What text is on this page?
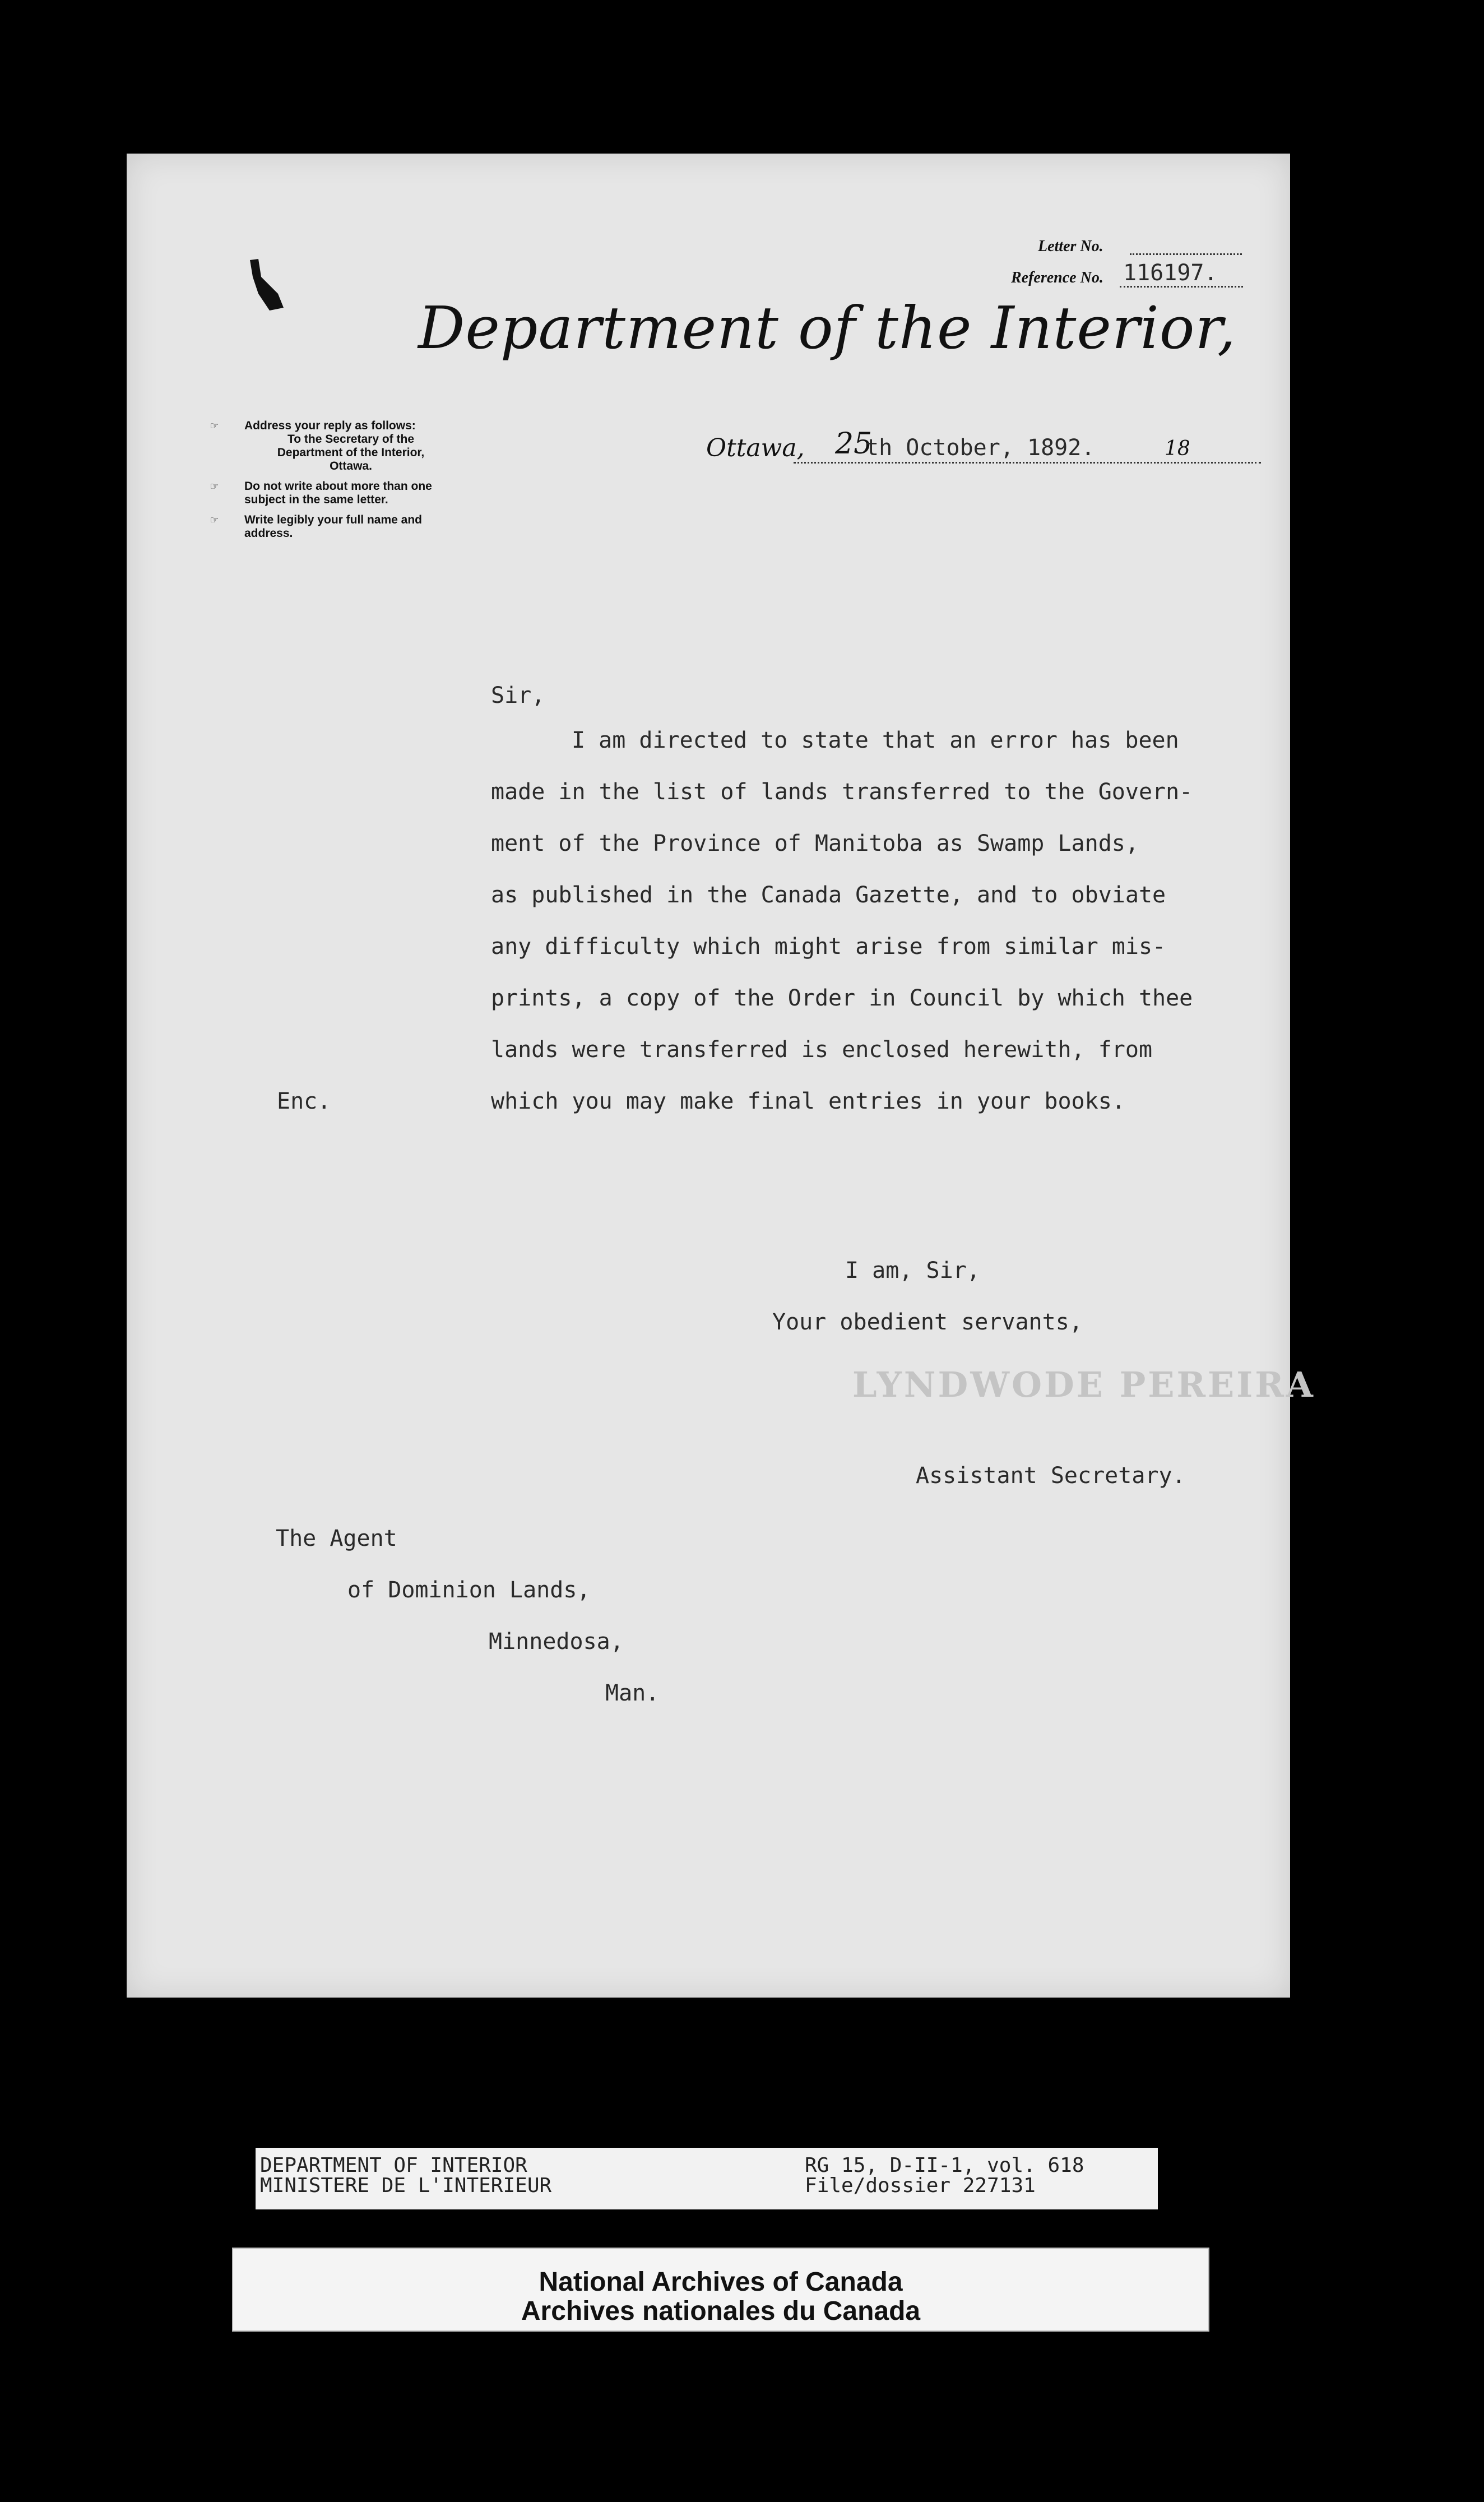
Letter No.
Reference No. 116197.
Department of the Interior,
☞ Address your reply as follows:
To the Secretary of the Department of the Interior, Ottawa.
☞ Do not write about more than one subject in the same letter.
☞ Write legibly your full name and address.
Ottawa, 25
th October, 1892.	18
Sir,
I am directed to state that an error has been
made in the list of lands transferred to the Govern-
ment of the Province of Manitoba as Swamp Lands,
as published in the Canada Gazette, and to obviate
any difficulty which might arise from similar mis-
prints, a copy of the Order in Council by which thee
lands were transferred is enclosed herewith, from
which you may make final entries in your books.
Enc.
I am, Sir,
Your obedient servants,
LYNDWODE PEREIRA
Assistant Secretary.
The Agent
of Dominion Lands,
Minnedosa,
Man.
DEPARTMENT OF INTERIOR
MINISTERE DE L'INTERIEUR
RG 15, D-II-1, vol. 618
File/dossier 227131
National Archives of Canada
Archives nationales du Canada
